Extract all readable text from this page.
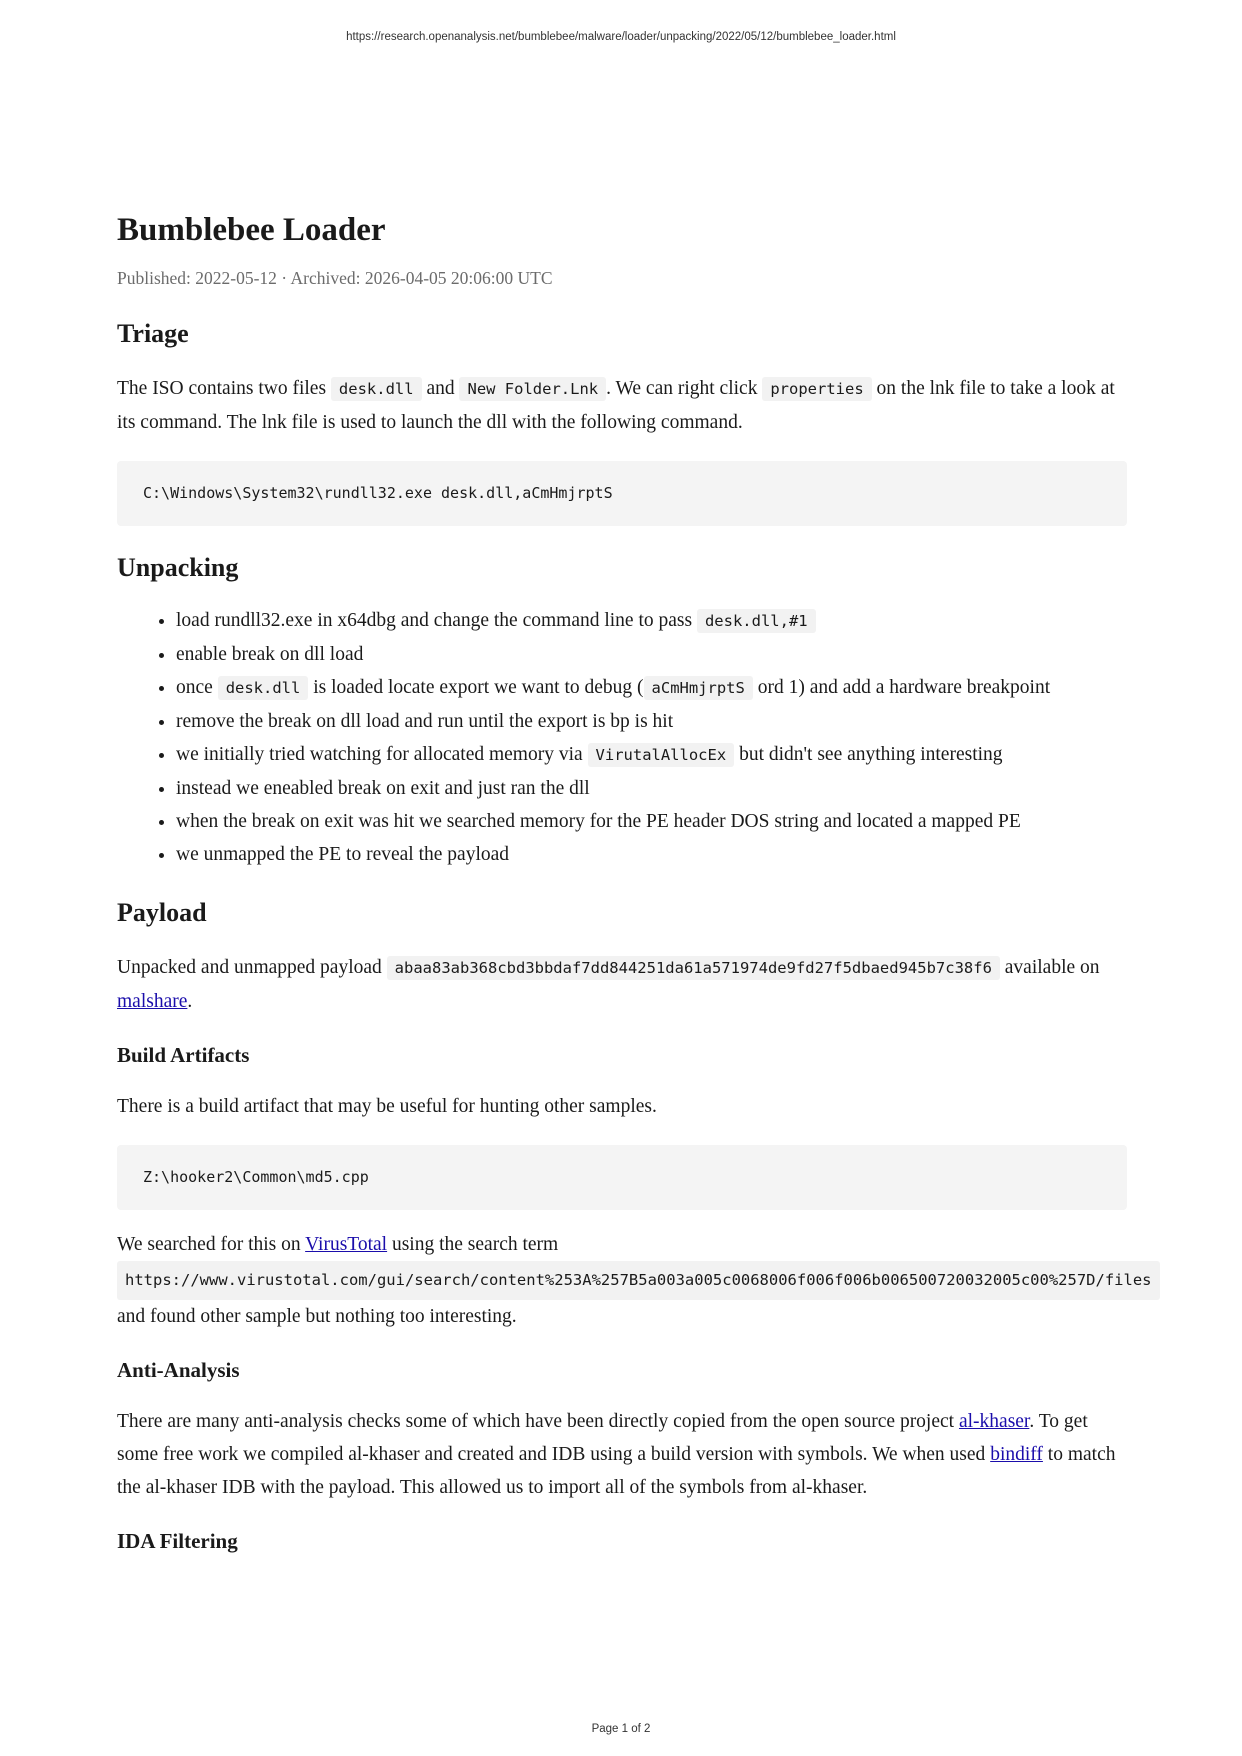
https://research.openanalysis.net/bumblebee/malware/loader/unpacking/2022/05/12/bumblebee_loader.html
Bumblebee Loader
Published: 2022-05-12 · Archived: 2026-04-05 20:06:00 UTC
Triage

The ISO contains two files desk.dll and New Folder.Lnk . We can right click properties on the lnk file to take a look at its command. The lnk file is used to launch the dll with the following command.

C:\Windows\System32\rundll32.exe desk.dll,aCmHmjrptS
Unpacking
• load rundll32.exe in x64dbg and change the command line to pass desk.dll,#1
• enable break on dll load
• once desk.dll is loaded locate export we want to debug ( aCmHmjrptS ord 1) and add a hardware breakpoint
• remove the break on dll load and run until the export is bp is hit
• we initially tried watching for allocated memory via VirutalAllocEx but didn't see anything interesting
• instead we eneabled break on exit and just ran the dll
• when the break on exit was hit we searched memory for the PE header DOS string and located a mapped PE
• we unmapped the PE to reveal the payload
Payload

Unpacked and unmapped payload abaa83ab368cbd3bbdaf7dd844251da61a571974de9fd27f5dbaed945b7c38f6 available on malshare.

Build Artifacts

There is a build artifact that may be useful for hunting other samples.

Z:\hooker2\Common\md5.cpp

We searched for this on VirusTotal using the search term
https://www.virustotal.com/gui/search/content%253A%257B5a003a005c0068006f006f006b006500720032005c00%257D/files
and found other sample but nothing too interesting.

Anti-Analysis

There are many anti-analysis checks some of which have been directly copied from the open source project al-khaser. To get some free work we compiled al-khaser and created and IDB using a build version with symbols. We when used bindiff to match the al-khaser IDB with the payload. This allowed us to import all of the symbols from al-khaser.

IDA Filtering
Page 1 of 2
